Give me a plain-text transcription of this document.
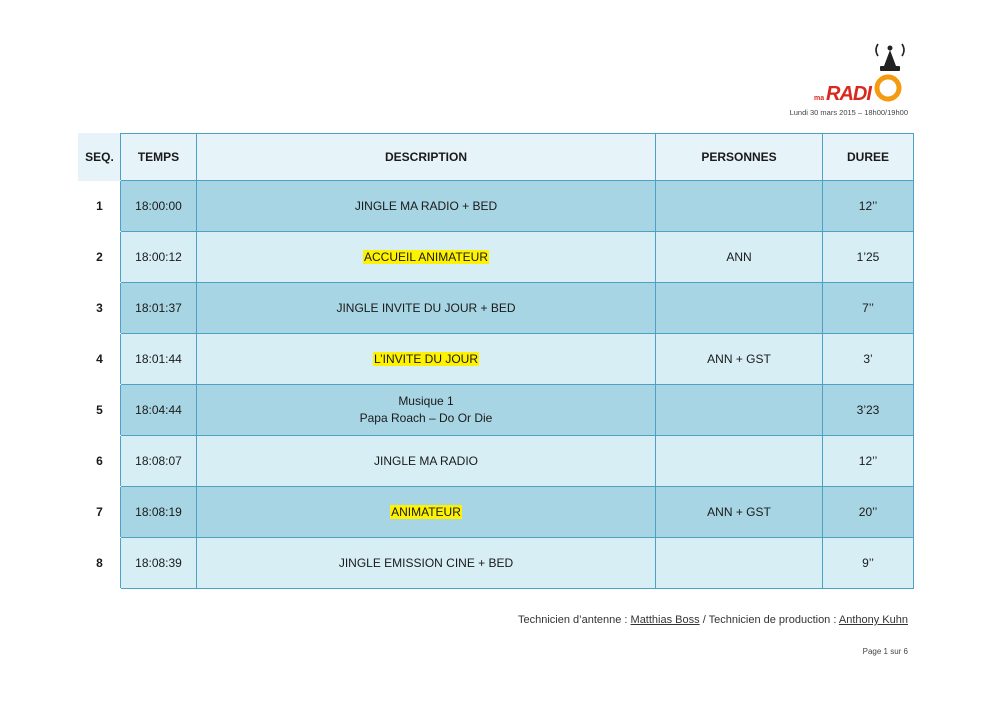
ma RADI
Lundi 30 mars 2015 – 18h00/19h00
SEQ.	TEMPS	DESCRIPTION	PERSONNES	DUREE
1	18:00:00	JINGLE MA RADIO + BED		12’’
2	18:00:12	ACCUEIL ANIMATEUR	ANN	1’25
3	18:01:37	JINGLE INVITE DU JOUR + BED		7’’
4	18:01:44	L’INVITE DU JOUR	ANN + GST	3’
5	18:04:44	Musique 1
Papa Roach – Do Or Die		3’23
6	18:08:07	JINGLE MA RADIO		12’’
7	18:08:19	ANIMATEUR	ANN + GST	20’’
8	18:08:39	JINGLE EMISSION CINE + BED		9’’
Technicien d’antenne : Matthias Boss / Technicien de production : Anthony Kuhn
Page 1 sur 6
